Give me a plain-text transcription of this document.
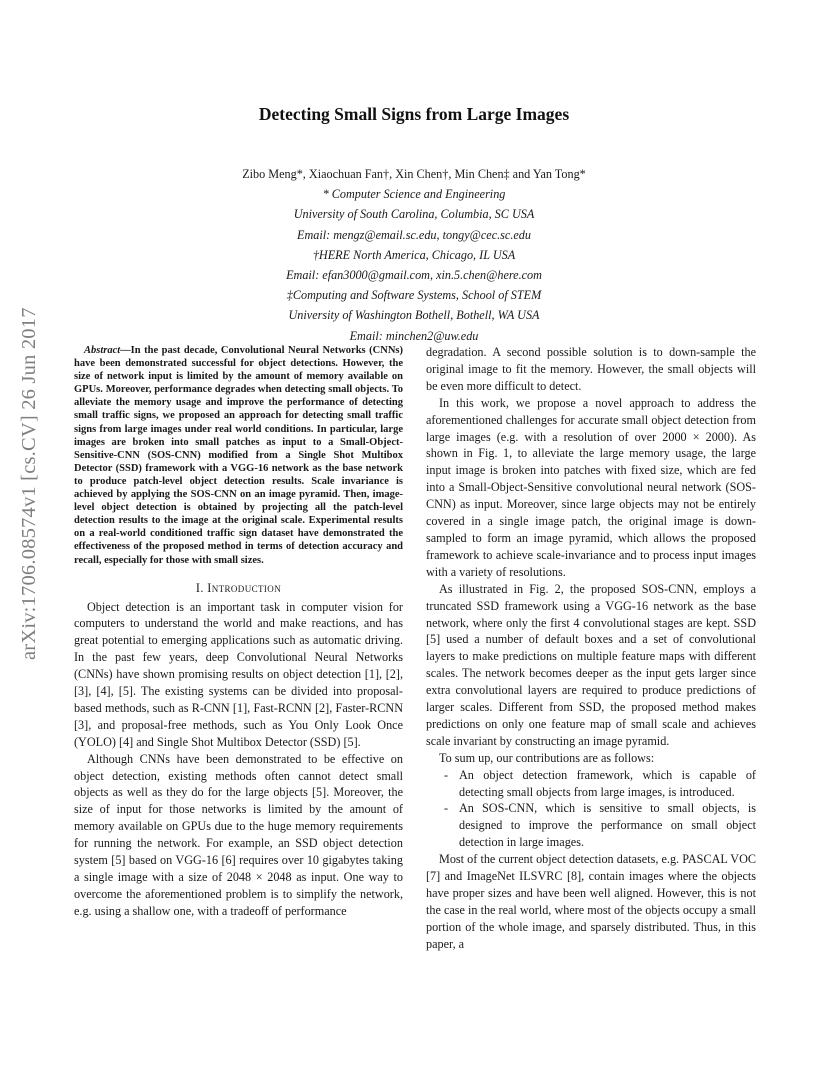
arXiv:1706.08574v1 [cs.CV] 26 Jun 2017
Detecting Small Signs from Large Images
Zibo Meng*, Xiaochuan Fan†, Xin Chen†, Min Chen‡ and Yan Tong*
* Computer Science and Engineering
University of South Carolina, Columbia, SC USA
Email: mengz@email.sc.edu, tongy@cec.sc.edu
†HERE North America, Chicago, IL USA
Email: efan3000@gmail.com, xin.5.chen@here.com
‡Computing and Software Systems, School of STEM
University of Washington Bothell, Bothell, WA USA
Email: minchen2@uw.edu
Abstract—In the past decade, Convolutional Neural Networks (CNNs) have been demonstrated successful for object detections. However, the size of network input is limited by the amount of memory available on GPUs. Moreover, performance degrades when detecting small objects. To alleviate the memory usage and improve the performance of detecting small traffic signs, we proposed an approach for detecting small traffic signs from large images under real world conditions. In particular, large images are broken into small patches as input to a Small-Object-Sensitive-CNN (SOS-CNN) modified from a Single Shot Multibox Detector (SSD) framework with a VGG-16 network as the base network to produce patch-level object detection results. Scale invariance is achieved by applying the SOS-CNN on an image pyramid. Then, image-level object detection is obtained by projecting all the patch-level detection results to the image at the original scale. Experimental results on a real-world conditioned traffic sign dataset have demonstrated the effectiveness of the proposed method in terms of detection accuracy and recall, especially for those with small sizes.
I. Introduction

Object detection is an important task in computer vision for computers to understand the world and make reactions, and has great potential to emerging applications such as automatic driving. In the past few years, deep Convolutional Neural Networks (CNNs) have shown promising results on object detection [1], [2], [3], [4], [5]. The existing systems can be divided into proposal-based methods, such as R-CNN [1], Fast-RCNN [2], Faster-RCNN [3], and proposal-free methods, such as You Only Look Once (YOLO) [4] and Single Shot Multibox Detector (SSD) [5].

Although CNNs have been demonstrated to be effective on object detection, existing methods often cannot detect small objects as well as they do for the large objects [5]. Moreover, the size of input for those networks is limited by the amount of memory available on GPUs due to the huge memory requirements for running the network. For example, an SSD object detection system [5] based on VGG-16 [6] requires over 10 gigabytes taking a single image with a size of 2048 × 2048 as input. One way to overcome the aforementioned problem is to simplify the network, e.g. using a shallow one, with a tradeoff of performance

degradation. A second possible solution is to down-sample the original image to fit the memory. However, the small objects will be even more difficult to detect.

In this work, we propose a novel approach to address the aforementioned challenges for accurate small object detection from large images (e.g. with a resolution of over 2000 × 2000). As shown in Fig. 1, to alleviate the large memory usage, the large input image is broken into patches with fixed size, which are fed into a Small-Object-Sensitive convolutional neural network (SOS-CNN) as input. Moreover, since large objects may not be entirely covered in a single image patch, the original image is down-sampled to form an image pyramid, which allows the proposed framework to achieve scale-invariance and to process input images with a variety of resolutions.

As illustrated in Fig. 2, the proposed SOS-CNN, employs a truncated SSD framework using a VGG-16 network as the base network, where only the first 4 convolutional stages are kept. SSD [5] used a number of default boxes and a set of convolutional layers to make predictions on multiple feature maps with different scales. The network becomes deeper as the input gets larger since extra convolutional layers are required to produce predictions of larger scales. Different from SSD, the proposed method makes predictions on only one feature map of small scale and achieves scale invariant by constructing an image pyramid.

To sum up, our contributions are as follows:

- An object detection framework, which is capable of detecting small objects from large images, is introduced.
- An SOS-CNN, which is sensitive to small objects, is designed to improve the performance on small object detection in large images.

Most of the current object detection datasets, e.g. PASCAL VOC [7] and ImageNet ILSVRC [8], contain images where the objects have proper sizes and have been well aligned. However, this is not the case in the real world, where most of the objects occupy a small portion of the whole image, and sparsely distributed. Thus, in this paper, a
